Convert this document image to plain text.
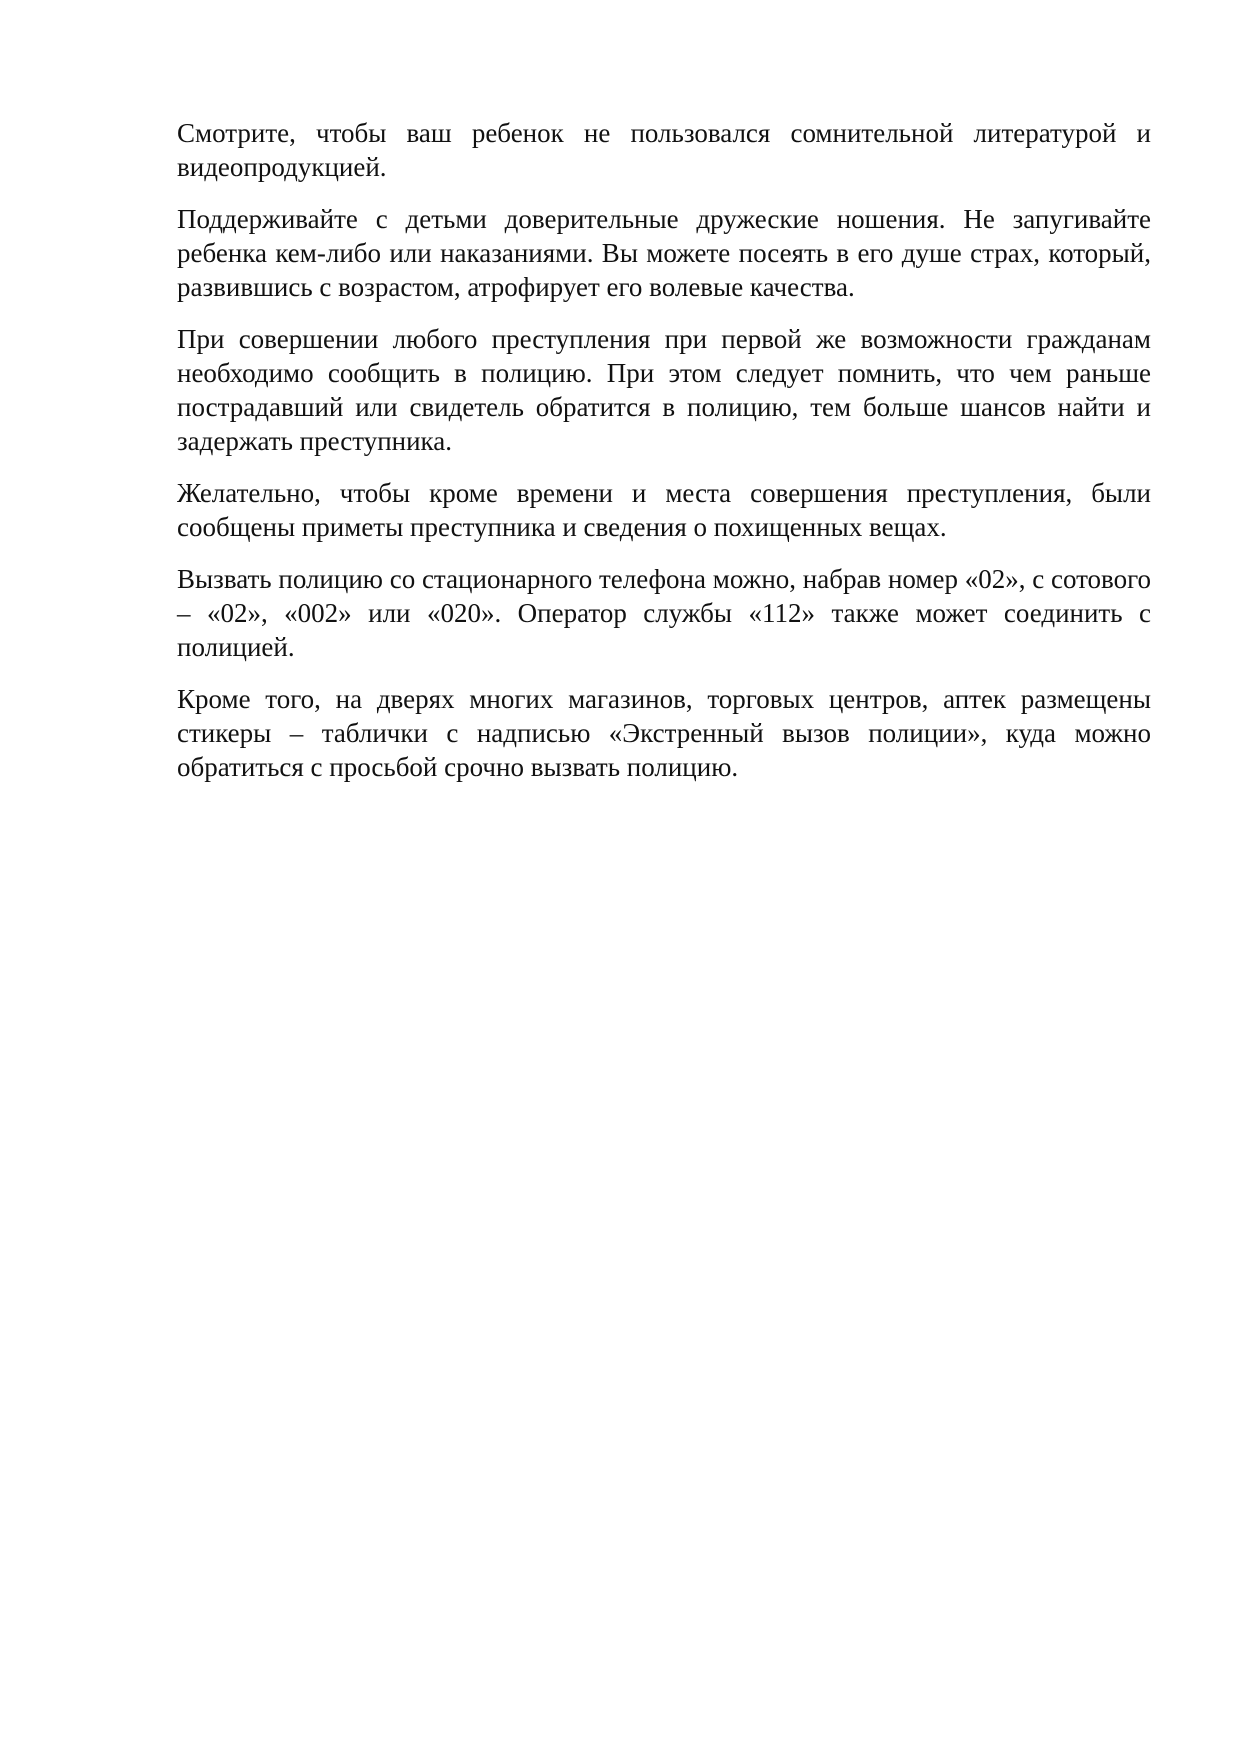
Смотрите, чтобы ваш ребенок не пользовался сомнительной литературой и видеопродукцией.

Поддерживайте с детьми доверительные дружеские ношения. Не запугивайте ребенка кем-либо или наказаниями. Вы можете посеять в его душе страх, который, развившись с возрастом, атрофирует его волевые качества.

При совершении любого преступления при первой же возможности гражданам необходимо сообщить в полицию. При этом следует помнить, что чем раньше пострадавший или свидетель обратится в полицию, тем больше шансов найти и задержать преступника.

Желательно, чтобы кроме времени и места совершения преступления, были сообщены приметы преступника и сведения о похищенных вещах.

Вызвать полицию со стационарного телефона можно, набрав номер «02», с сотового – «02», «002» или «020». Оператор службы «112» также может соединить с полицией.

Кроме того, на дверях многих магазинов, торговых центров, аптек размещены стикеры – таблички с надписью «Экстренный вызов полиции», куда можно обратиться с просьбой срочно вызвать полицию.
